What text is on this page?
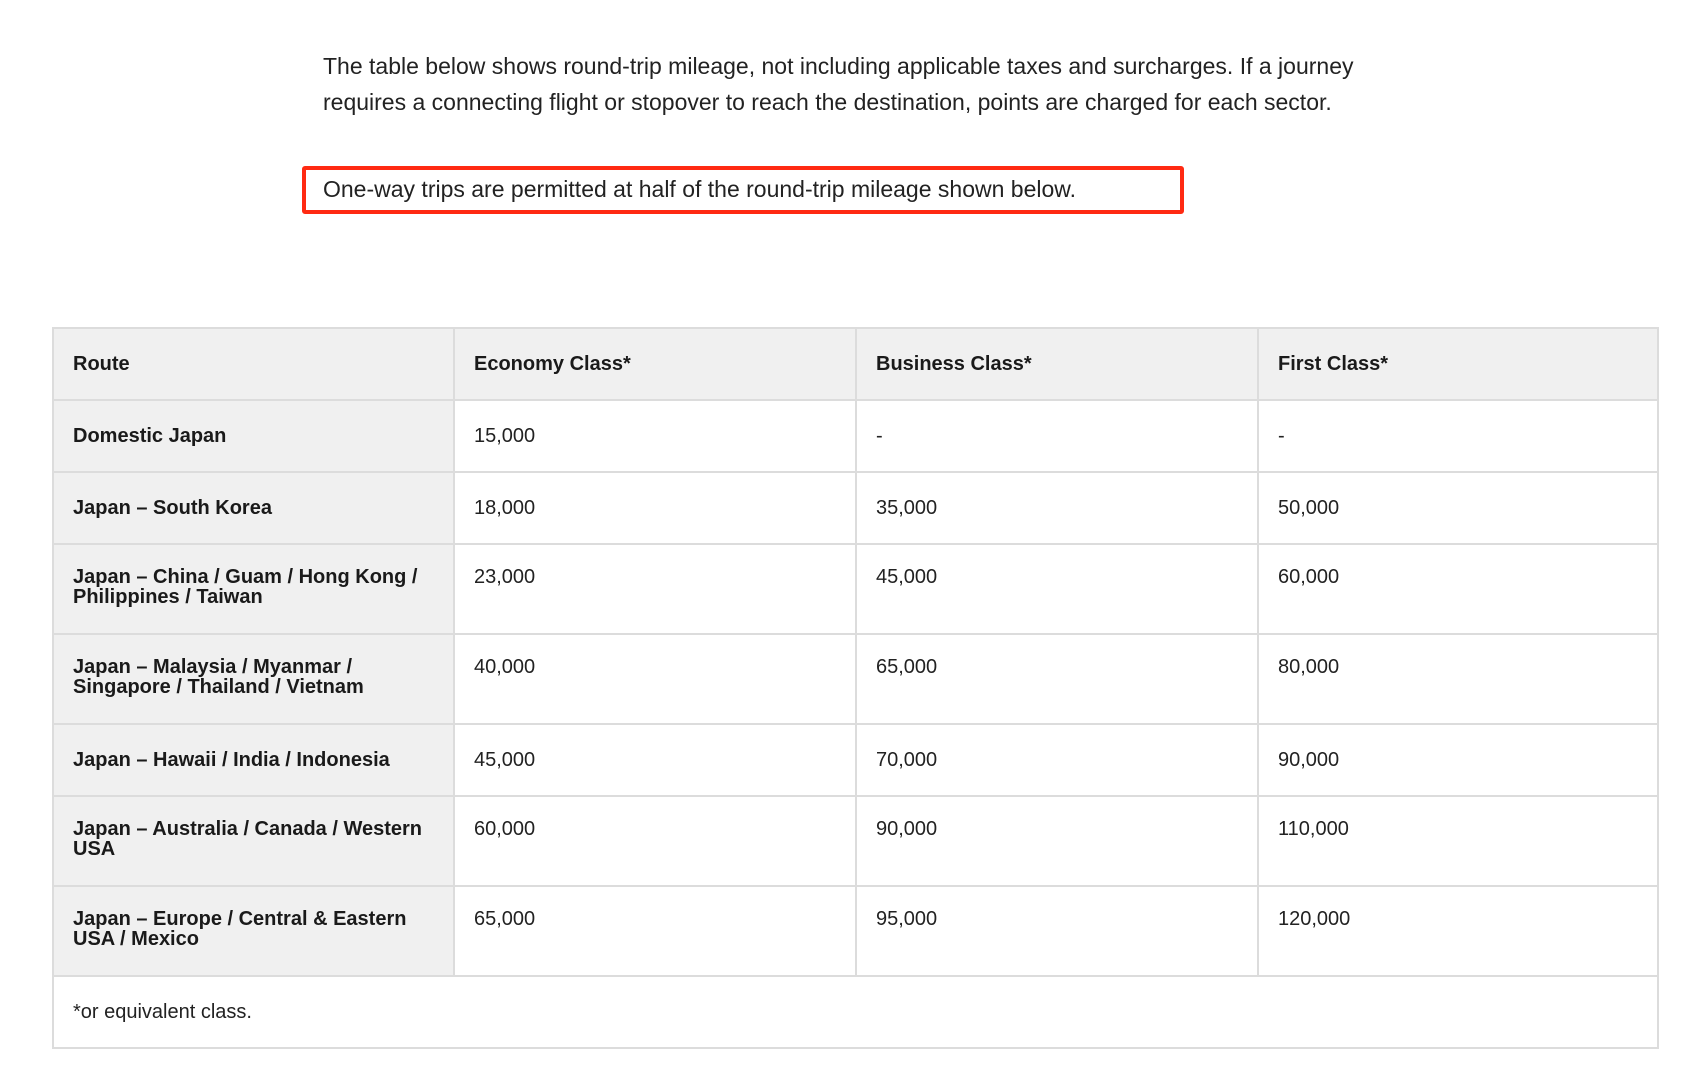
The table below shows round-trip mileage, not including applicable taxes and surcharges. If a journey requires a connecting flight or stopover to reach the destination, points are charged for each sector.

One-way trips are permitted at half of the round-trip mileage shown below.

Route	Economy Class*	Business Class*	First Class*
Domestic Japan	15,000	-	-
Japan – South Korea	18,000	35,000	50,000
Japan – China / Guam / Hong Kong / Philippines / Taiwan	23,000	45,000	60,000
Japan – Malaysia / Myanmar / Singapore / Thailand / Vietnam	40,000	65,000	80,000
Japan – Hawaii / India / Indonesia	45,000	70,000	90,000
Japan – Australia / Canada / Western USA	60,000	90,000	110,000
Japan – Europe / Central & Eastern USA / Mexico	65,000	95,000	120,000
*or equivalent class.			
